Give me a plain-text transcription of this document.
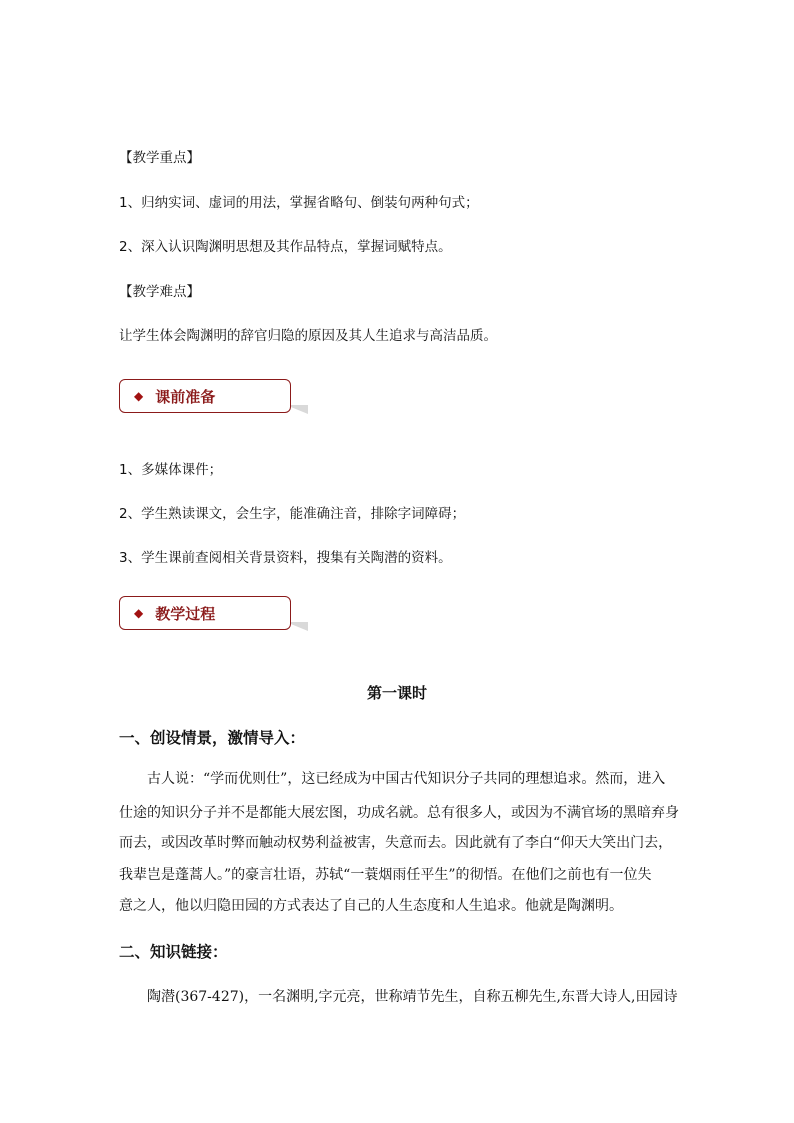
【教学重点】
1、归纳实词、虚词的用法，掌握省略句、倒装句两种句式；
2、深入认识陶渊明思想及其作品特点，掌握词赋特点。
【教学难点】
让学生体会陶渊明的辞官归隐的原因及其人生追求与高洁品质。
◆ 课前准备
1、多媒体课件；
2、学生熟读课文，会生字，能准确注音，排除字词障碍；
3、学生课前查阅相关背景资料，搜集有关陶潜的资料。
◆ 教学过程
第一课时
一、创设情景，激情导入：
　　古人说：“学而优则仕”，这已经成为中国古代知识分子共同的理想追求。然而，进入
仕途的知识分子并不是都能大展宏图，功成名就。总有很多人，或因为不满官场的黑暗弃身
而去，或因改革时弊而触动权势利益被害，失意而去。因此就有了李白“仰天大笑出门去，
我辈岂是蓬蒿人。”的豪言壮语，苏轼“一蓑烟雨任平生”的彻悟。在他们之前也有一位失
意之人，他以归隐田园的方式表达了自己的人生态度和人生追求。他就是陶渊明。
二、知识链接：
　　陶潜(367-427)，一名渊明,字元亮，世称靖节先生，自称五柳先生,东晋大诗人,田园诗
